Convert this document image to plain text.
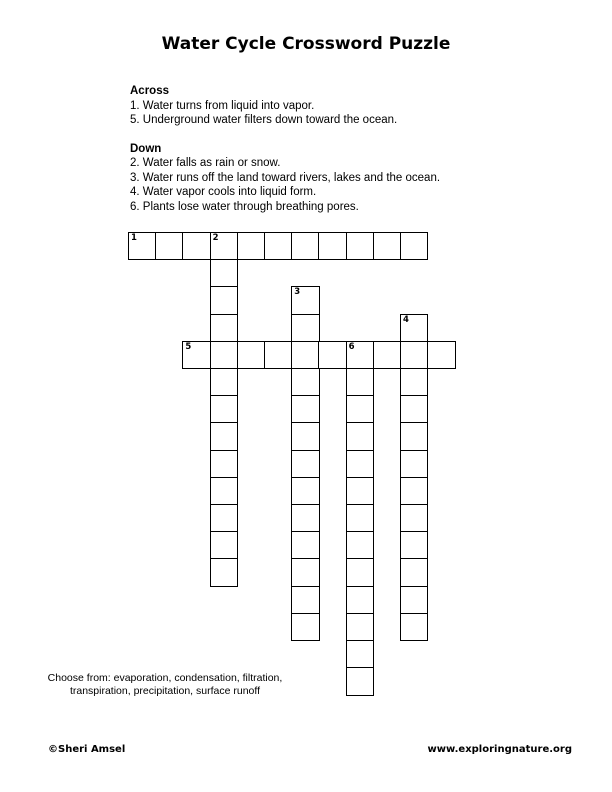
Water Cycle Crossword Puzzle
Across
1. Water turns from liquid into vapor.
5. Underground water filters down toward the ocean.
Down
2. Water falls as rain or snow.
3. Water runs off the land toward rivers, lakes and the ocean.
4. Water vapor cools into liquid form.
6. Plants lose water through breathing pores.
1	2
3
4
5	6
Choose from: evaporation, condensation, filtration,
transpiration, precipitation, surface runoff
©Sheri Amsel	www.exploringnature.org
